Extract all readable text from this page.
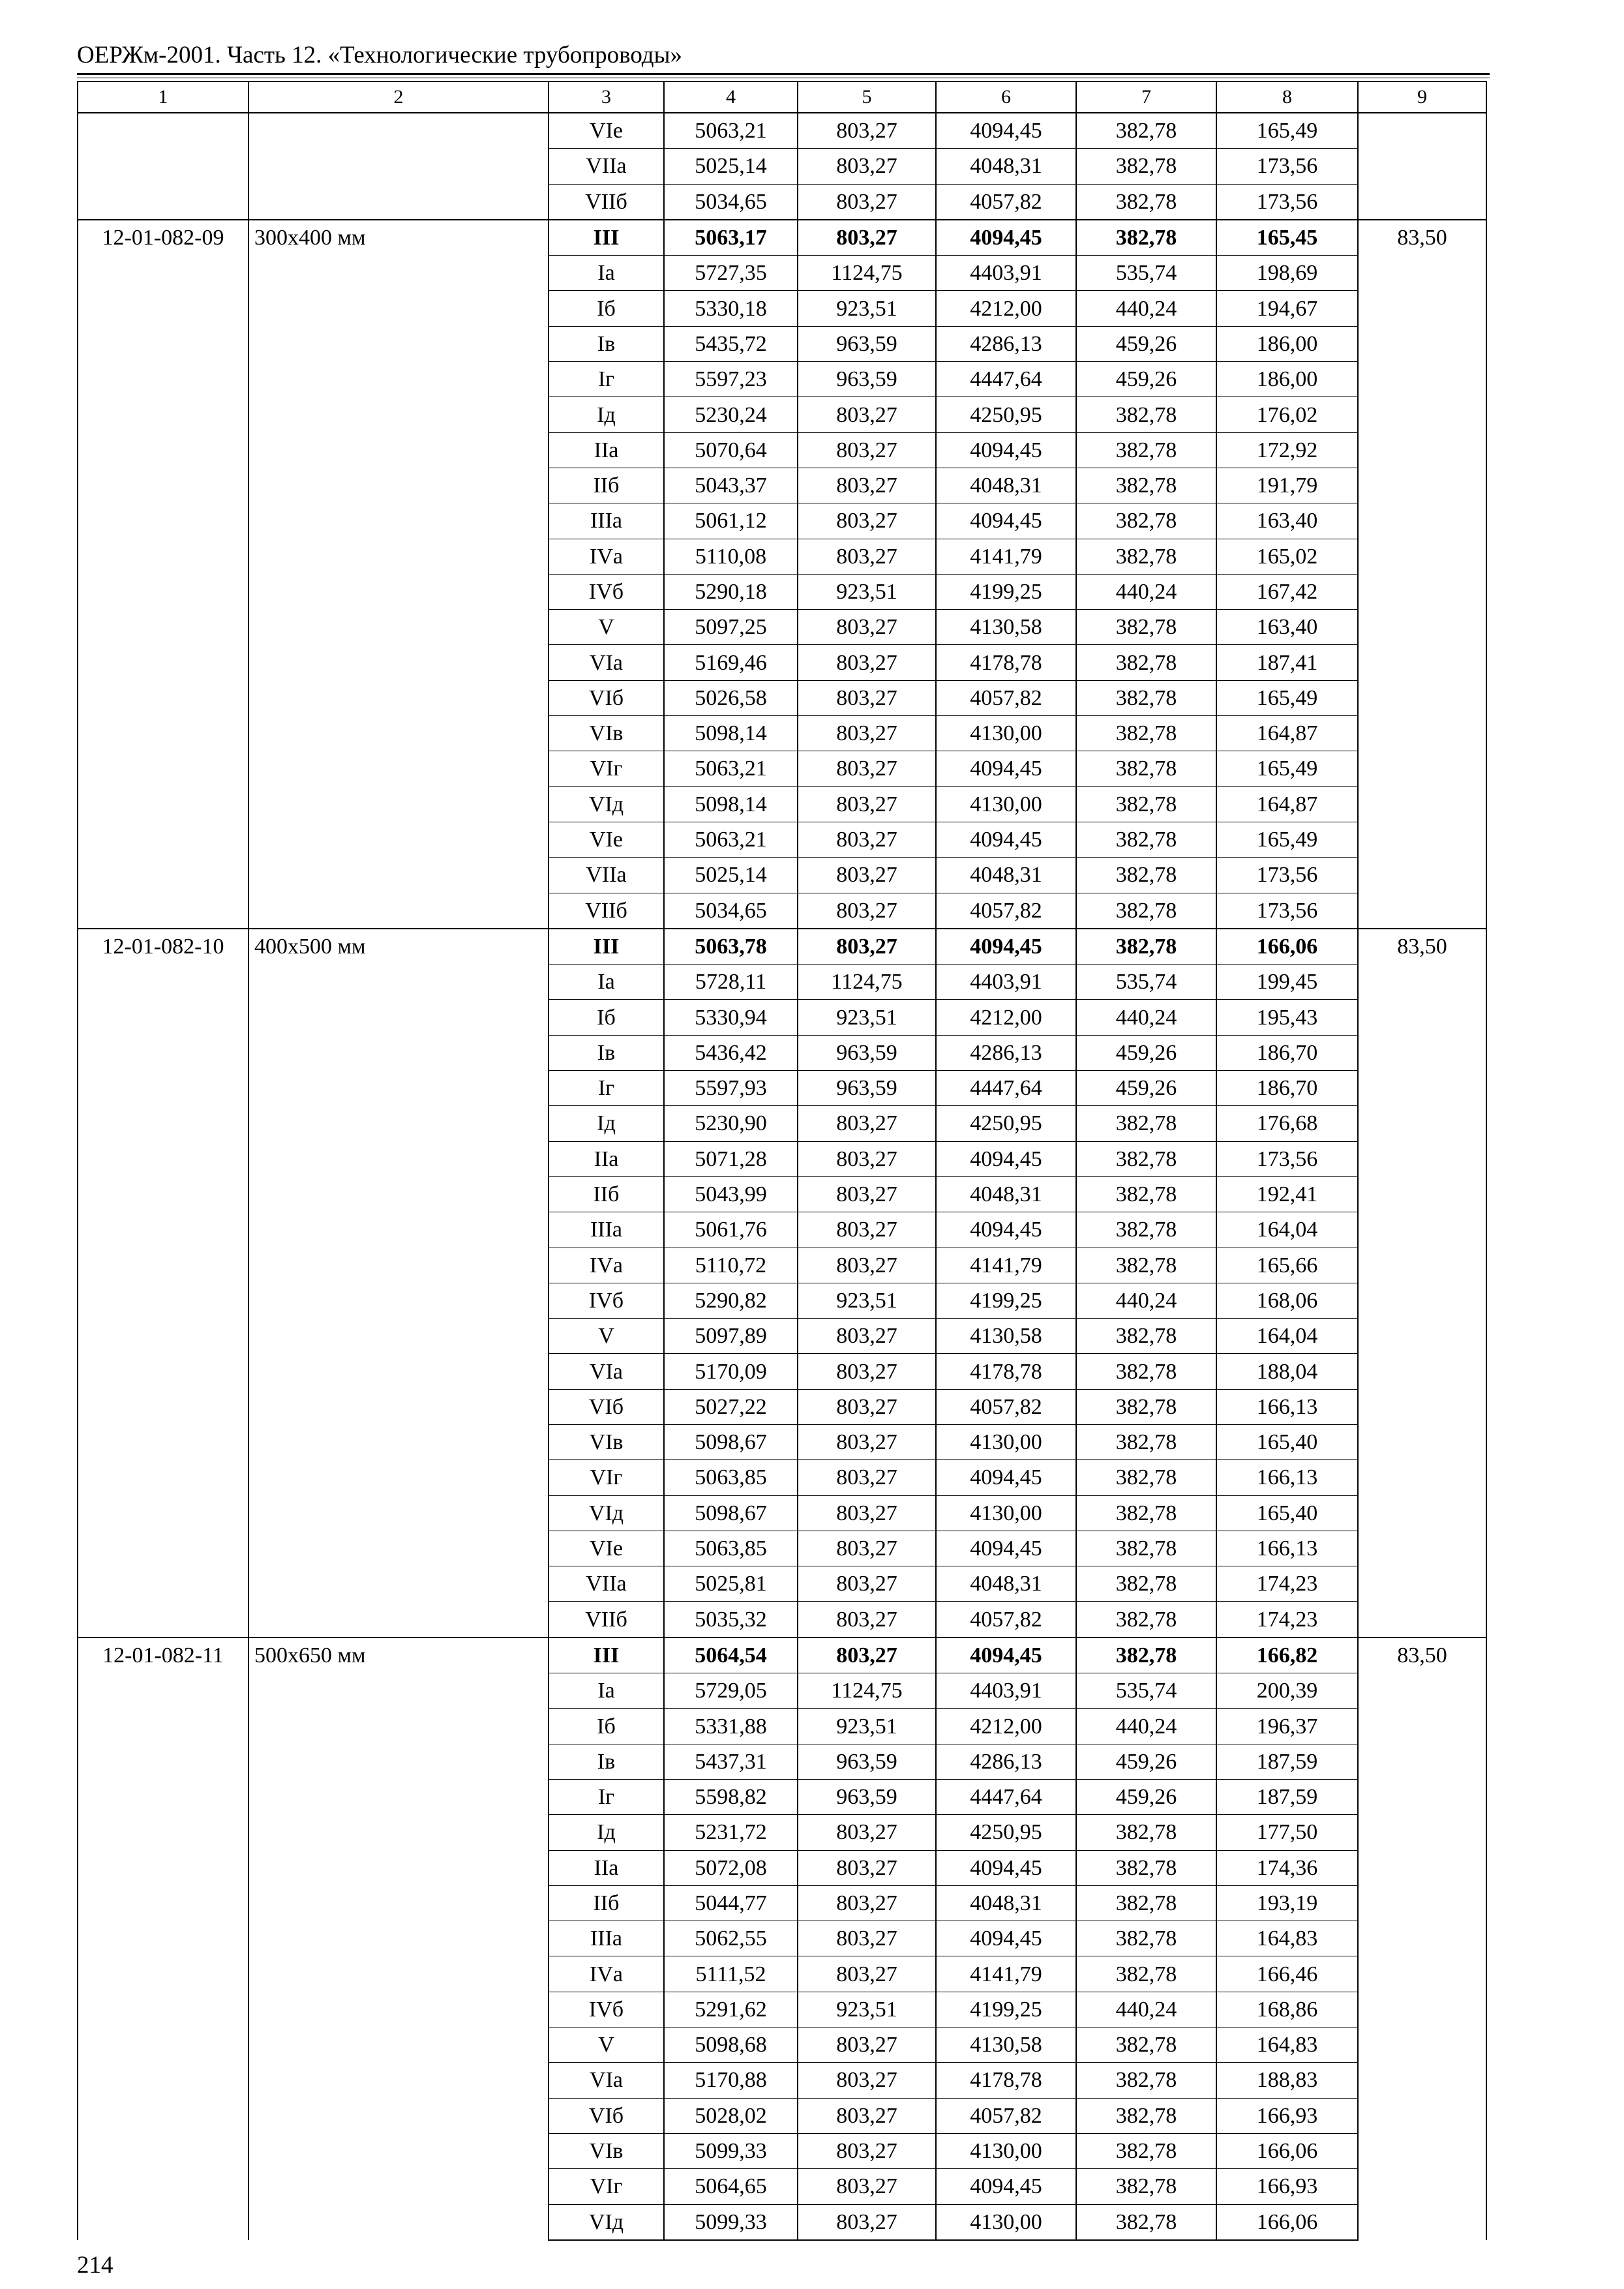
ОЕРЖм-2001. Часть 12. «Технологические трубопроводы»
1	2	3	4	5	6	7	8	9
		VIе	5063,21	803,27	4094,45	382,78	165,49	
		VIIа	5025,14	803,27	4048,31	382,78	173,56	
		VIIб	5034,65	803,27	4057,82	382,78	173,56	
12-01-082-09	300x400 мм	III	5063,17	803,27	4094,45	382,78	165,45	83,50
		Iа	5727,35	1124,75	4403,91	535,74	198,69	
		Iб	5330,18	923,51	4212,00	440,24	194,67	
		Iв	5435,72	963,59	4286,13	459,26	186,00	
		Iг	5597,23	963,59	4447,64	459,26	186,00	
		Iд	5230,24	803,27	4250,95	382,78	176,02	
		IIа	5070,64	803,27	4094,45	382,78	172,92	
		IIб	5043,37	803,27	4048,31	382,78	191,79	
		IIIа	5061,12	803,27	4094,45	382,78	163,40	
		IVа	5110,08	803,27	4141,79	382,78	165,02	
		IVб	5290,18	923,51	4199,25	440,24	167,42	
		V	5097,25	803,27	4130,58	382,78	163,40	
		VIа	5169,46	803,27	4178,78	382,78	187,41	
		VIб	5026,58	803,27	4057,82	382,78	165,49	
		VIв	5098,14	803,27	4130,00	382,78	164,87	
		VIг	5063,21	803,27	4094,45	382,78	165,49	
		VIд	5098,14	803,27	4130,00	382,78	164,87	
		VIе	5063,21	803,27	4094,45	382,78	165,49	
		VIIа	5025,14	803,27	4048,31	382,78	173,56	
		VIIб	5034,65	803,27	4057,82	382,78	173,56	
12-01-082-10	400x500 мм	III	5063,78	803,27	4094,45	382,78	166,06	83,50
		Iа	5728,11	1124,75	4403,91	535,74	199,45	
		Iб	5330,94	923,51	4212,00	440,24	195,43	
		Iв	5436,42	963,59	4286,13	459,26	186,70	
		Iг	5597,93	963,59	4447,64	459,26	186,70	
		Iд	5230,90	803,27	4250,95	382,78	176,68	
		IIа	5071,28	803,27	4094,45	382,78	173,56	
		IIб	5043,99	803,27	4048,31	382,78	192,41	
		IIIа	5061,76	803,27	4094,45	382,78	164,04	
		IVа	5110,72	803,27	4141,79	382,78	165,66	
		IVб	5290,82	923,51	4199,25	440,24	168,06	
		V	5097,89	803,27	4130,58	382,78	164,04	
		VIа	5170,09	803,27	4178,78	382,78	188,04	
		VIб	5027,22	803,27	4057,82	382,78	166,13	
		VIв	5098,67	803,27	4130,00	382,78	165,40	
		VIг	5063,85	803,27	4094,45	382,78	166,13	
		VIд	5098,67	803,27	4130,00	382,78	165,40	
		VIе	5063,85	803,27	4094,45	382,78	166,13	
		VIIа	5025,81	803,27	4048,31	382,78	174,23	
		VIIб	5035,32	803,27	4057,82	382,78	174,23	
12-01-082-11	500x650 мм	III	5064,54	803,27	4094,45	382,78	166,82	83,50
		Iа	5729,05	1124,75	4403,91	535,74	200,39	
		Iб	5331,88	923,51	4212,00	440,24	196,37	
		Iв	5437,31	963,59	4286,13	459,26	187,59	
		Iг	5598,82	963,59	4447,64	459,26	187,59	
		Iд	5231,72	803,27	4250,95	382,78	177,50	
		IIа	5072,08	803,27	4094,45	382,78	174,36	
		IIб	5044,77	803,27	4048,31	382,78	193,19	
		IIIа	5062,55	803,27	4094,45	382,78	164,83	
		IVа	5111,52	803,27	4141,79	382,78	166,46	
		IVб	5291,62	923,51	4199,25	440,24	168,86	
		V	5098,68	803,27	4130,58	382,78	164,83	
		VIа	5170,88	803,27	4178,78	382,78	188,83	
		VIб	5028,02	803,27	4057,82	382,78	166,93	
		VIв	5099,33	803,27	4130,00	382,78	166,06	
		VIг	5064,65	803,27	4094,45	382,78	166,93	
		VIд	5099,33	803,27	4130,00	382,78	166,06	
214
